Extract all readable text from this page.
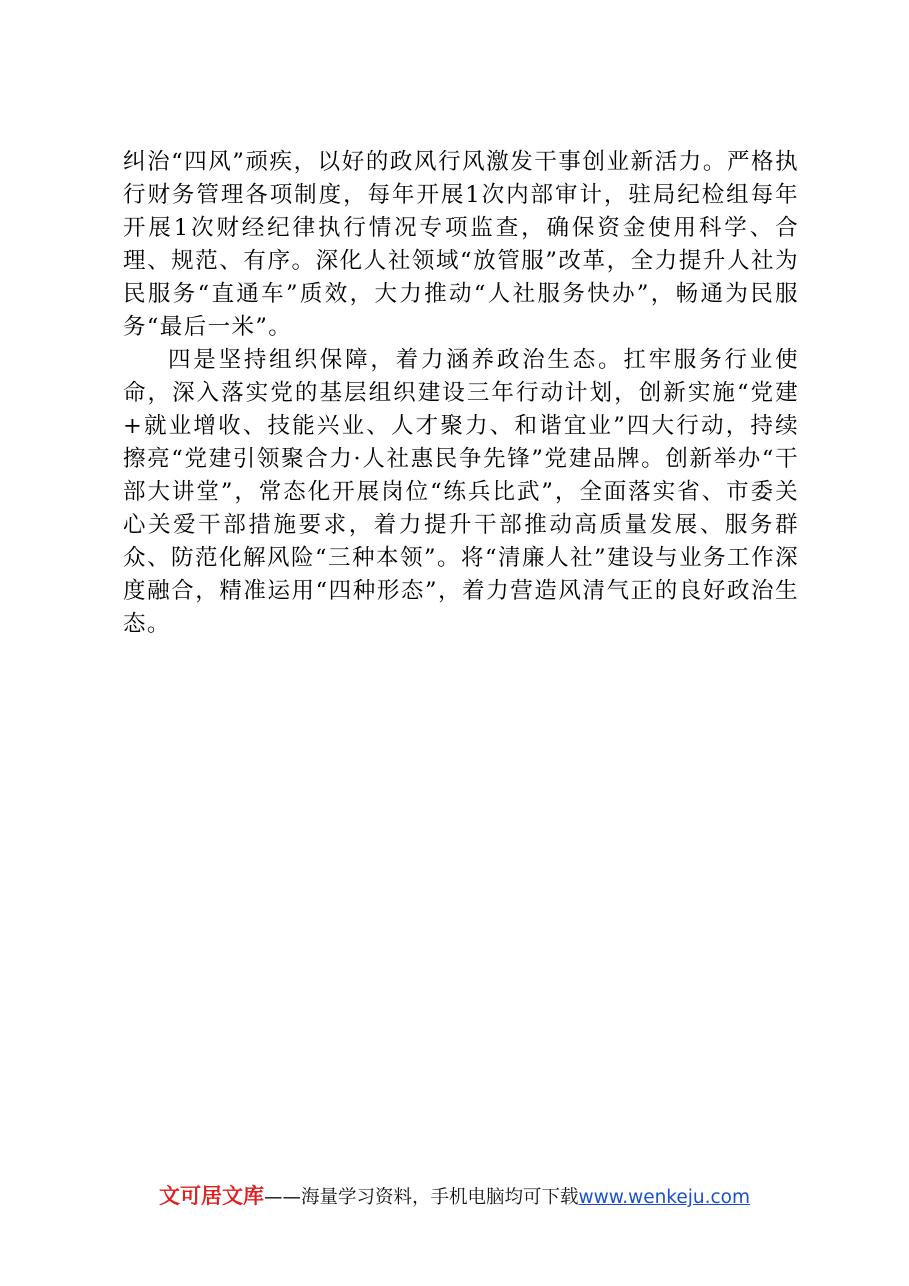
纠治“四风”顽疾，以好的政风行风激发干事创业新活力。严格执行财务管理各项制度，每年开展1次内部审计，驻局纪检组每年开展1次财经纪律执行情况专项监查，确保资金使用科学、合理、规范、有序。深化人社领域“放管服”改革，全力提升人社为民服务“直通车”质效，大力推动“人社服务快办”，畅通为民服务“最后一米”。

四是坚持组织保障，着力涵养政治生态。扛牢服务行业使命，深入落实党的基层组织建设三年行动计划，创新实施“党建+就业增收、技能兴业、人才聚力、和谐宜业”四大行动，持续擦亮“党建引领聚合力·人社惠民争先锋”党建品牌。创新举办“干部大讲堂”，常态化开展岗位“练兵比武”，全面落实省、市委关心关爱干部措施要求，着力提升干部推动高质量发展、服务群众、防范化解风险“三种本领”。将“清廉人社”建设与业务工作深度融合，精准运用“四种形态”，着力营造风清气正的良好政治生态。

文可居文库——海量学习资料，手机电脑均可下载www.wenkeju.com
